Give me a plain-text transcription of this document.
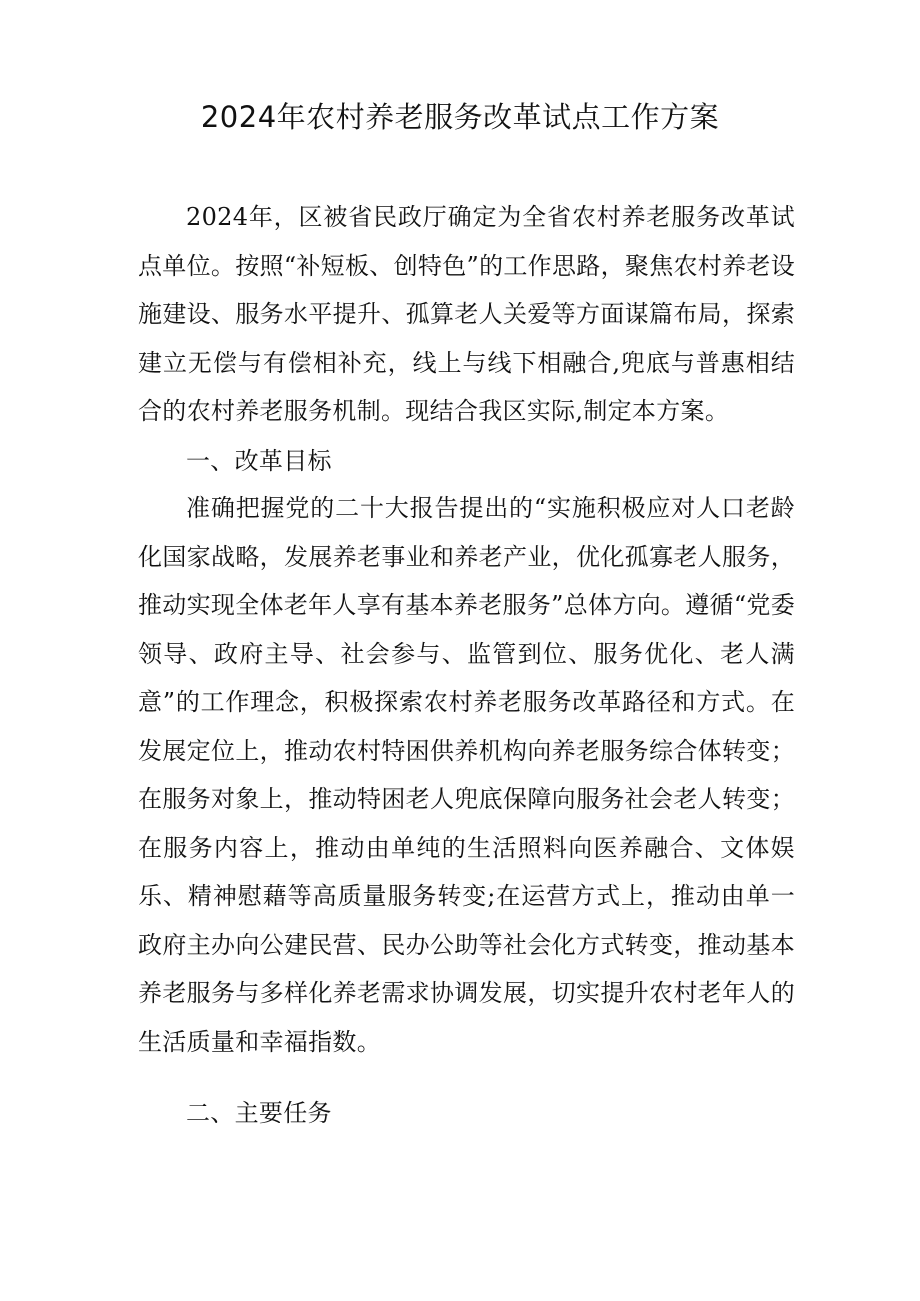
2024年农村养老服务改革试点工作方案

2024年，区被省民政厅确定为全省农村养老服务改革试点单位。按照“补短板、创特色”的工作思路，聚焦农村养老设施建设、服务水平提升、孤算老人关爱等方面谋篇布局，探索建立无偿与有偿相补充，线上与线下相融合,兜底与普惠相结合的农村养老服务机制。现结合我区实际,制定本方案。

一、改革目标

准确把握党的二十大报告提出的“实施积极应对人口老龄化国家战略，发展养老事业和养老产业，优化孤寡老人服务，推动实现全体老年人享有基本养老服务”总体方向。遵循“党委领导、政府主导、社会参与、监管到位、服务优化、老人满意”的工作理念，积极探索农村养老服务改革路径和方式。在发展定位上，推动农村特困供养机构向养老服务综合体转变；在服务对象上，推动特困老人兜底保障向服务社会老人转变；在服务内容上，推动由单纯的生活照料向医养融合、文体娱乐、精神慰藉等高质量服务转变;在运营方式上，推动由单一政府主办向公建民营、民办公助等社会化方式转变，推动基本养老服务与多样化养老需求协调发展，切实提升农村老年人的生活质量和幸福指数。

二、主要任务
